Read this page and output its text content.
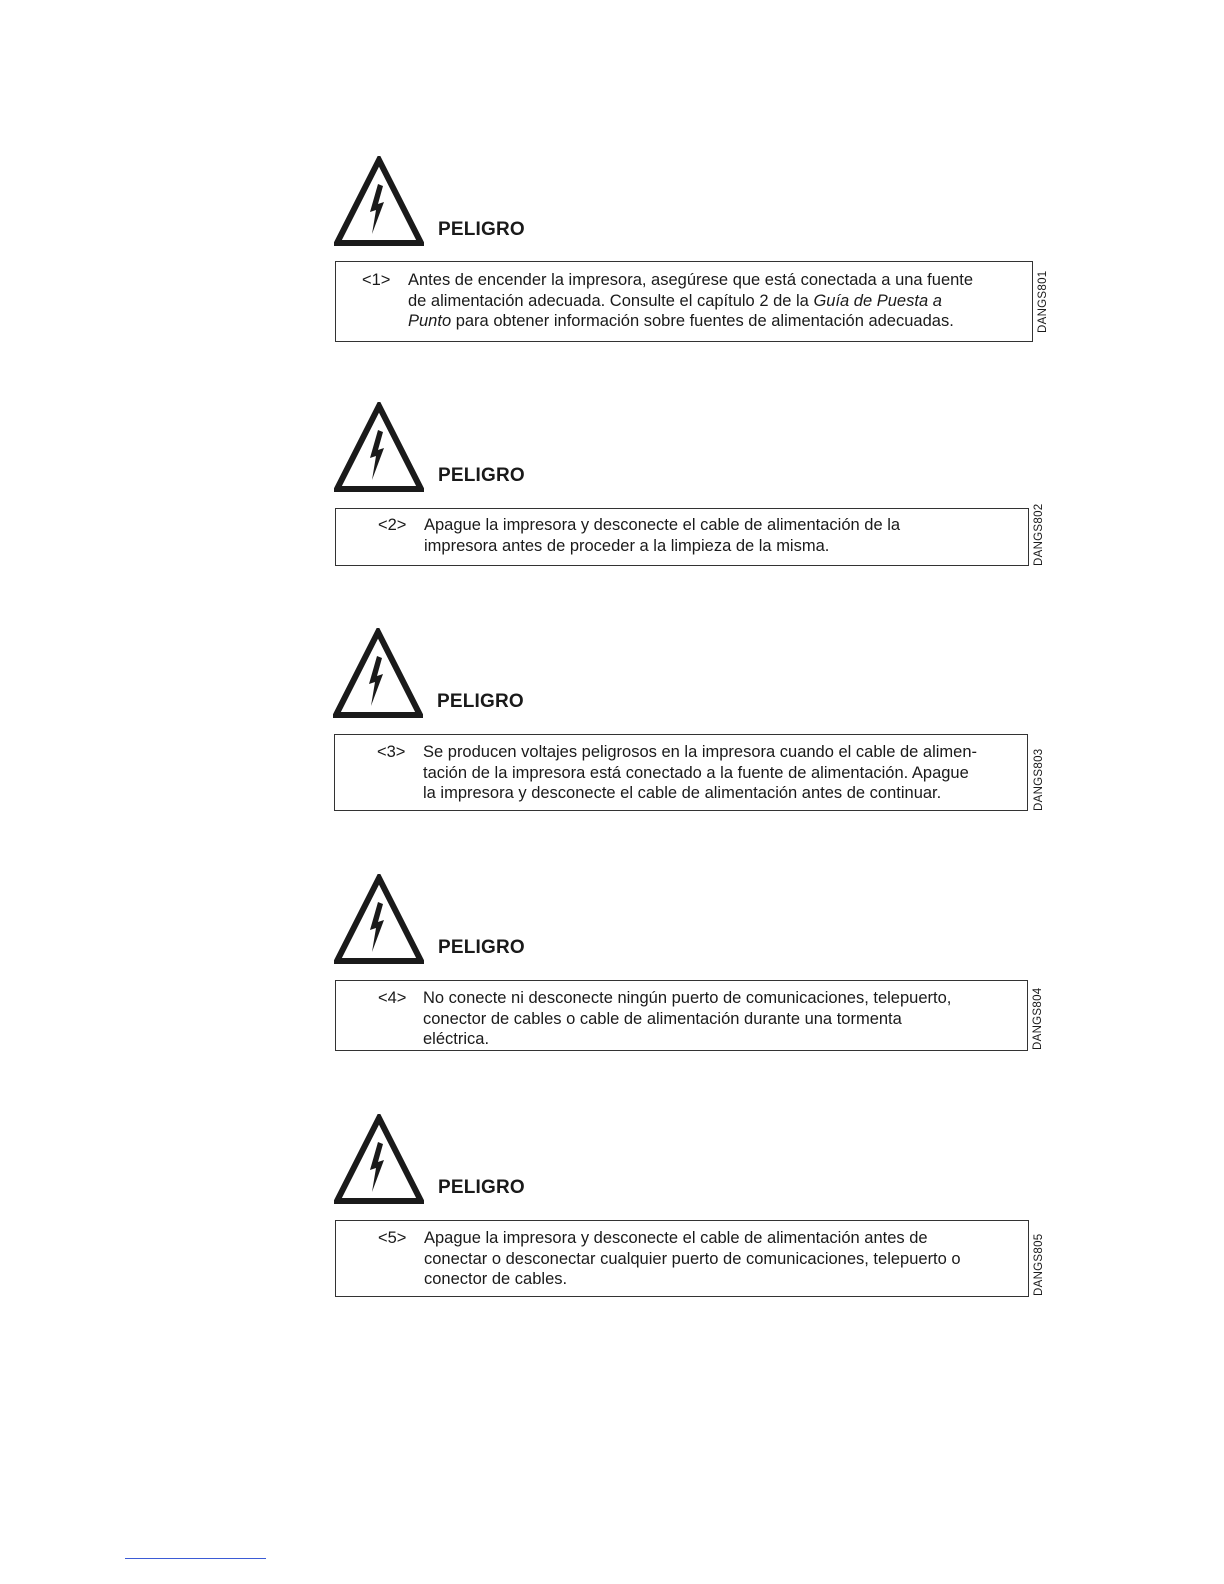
PELIGRO
<1> Antes de encender la impresora, asegúrese que está conectada a una fuente
de alimentación adecuada. Consulte el capítulo 2 de la Guía de Puesta a
Punto para obtener información sobre fuentes de alimentación adecuadas.	DANGS801
PELIGRO
<2> Apague la impresora y desconecte el cable de alimentación de la
impresora antes de proceder a la limpieza de la misma.	DANGS802
PELIGRO
<3> Se producen voltajes peligrosos en la impresora cuando el cable de alimen-
tación de la impresora está conectado a la fuente de alimentación. Apague
la impresora y desconecte el cable de alimentación antes de continuar.	DANGS803
PELIGRO
<4> No conecte ni desconecte ningún puerto de comunicaciones, telepuerto,
conector de cables o cable de alimentación durante una tormenta
eléctrica.	DANGS804
PELIGRO
<5> Apague la impresora y desconecte el cable de alimentación antes de
conectar o desconectar cualquier puerto de comunicaciones, telepuerto o
conector de cables.	DANGS805
